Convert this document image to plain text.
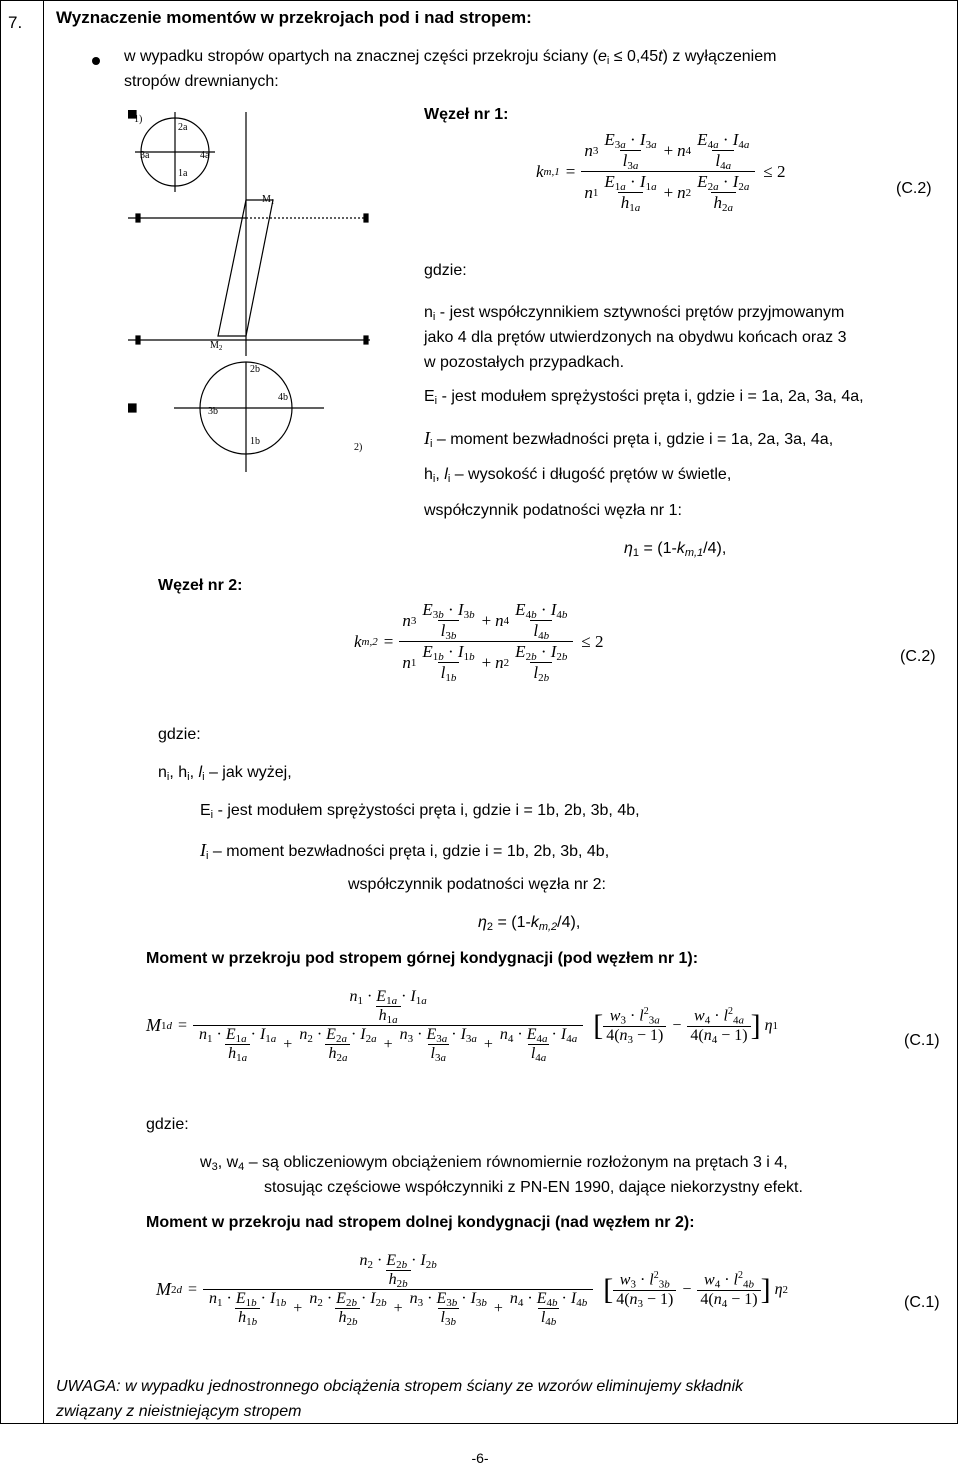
7. Wyznaczenie momentów w przekrojach pod i nad stropem:
w wypadku stropów opartych na znacznej części przekroju ściany $(e_i \le 0,45t)$ z wyłączeniem
stropów drewnianych:
1)
2a
3a	4a
1a
$M_1$
$M_2$
2b
3b
4b
1b
2)
Węzeł nr 1:
k $m,1 = \frac{n 3 \frac{E_{3a} \cdot I_{3a}}{l_{3a}} + n 4 \frac{E_{4a} \cdot I_{4a}}{l_{4a}}}{n 1 \frac{E_{1a} \cdot I_{1a}}{h_{1a}} + n 2 \frac{E_{2a} \cdot I_{2a}}{h_{2a}}} \le 2$
(C.2)
gdzie:
$n_i$ - jest współczynnikiem sztywności prętów przyjmowanym
jako 4 dla prętów utwierdzonych na obydwu końcach oraz 3
w pozostałych przypadkach.
$E_i$ - jest modułem sprężystości pręta i, gdzie i = 1a, 2a, 3a, 4a,
$I_i$ – moment bezwładności pręta i, gdzie i = 1a, 2a, 3a, 4a,
$h_i$, $l_i$ – wysokość i długość prętów w świetle,
współczynnik podatności węzła nr 1:
$\eta_1 = (1-k_{m,1}/4)$,
Węzeł nr 2:
k $m,2 = \frac{n 3 \frac{E_{3b} \cdot I_{3b}}{l_{3b}} + n 4 \frac{E_{4b} \cdot I_{4b}}{l_{4b}}}{n 1 \frac{E_{1b} \cdot I_{1b}}{l_{1b}} + n 2 \frac{E_{2b} \cdot I_{2b}}{l_{2b}}} \le 2$
(C.2)
gdzie:
$n_i$, $h_i$, $l_i$ – jak wyżej,
$E_i$ - jest modułem sprężystości pręta i, gdzie i = 1b, 2b, 3b, 4b,
$I_i$ – moment bezwładności pręta i, gdzie i = 1b, 2b, 3b, 4b,
współczynnik podatności węzła nr 2:
$\eta_2 = (1-k_{m,2}/4)$,
Moment w przekroju pod stropem górnej kondygnacji (pod węzłem nr 1):
M 1d =	$\frac{n_1 \cdot E_{1a} \cdot I_{1a}}{h_{1a}}$
$\frac{n_1 \cdot E_{1a} \cdot I_{1a}}{h_{1a}} + \frac{n_2 \cdot E_{2a} \cdot I_{2a}}{h_{2a}} + \frac{n_3 \cdot E_{3a} \cdot I_{3a}}{l_{3a}} + \frac{n_4 \cdot E_{4a} \cdot I_{4a}}{l_{4a}}$
[ $\frac{w_3 \cdot l^2_{3a}}{4(n_3 - 1)} - \frac{w_4 \cdot l^2_{4a}}{4(n_4 - 1)}$ ] η 1
(C.1)
gdzie:
$w_3$, $w_4$ – są obliczeniowym obciążeniem równomiernie rozłożonym na prętach 3 i 4,
stosując częściowe współczynniki z PN-EN 1990, dające niekorzystny efekt.
Moment w przekroju nad stropem dolnej kondygnacji (nad węzłem nr 2):
M 2d =	$\frac{n_2 \cdot E_{2b} \cdot I_{2b}}{h_{2b}}$
$\frac{n_1 \cdot E_{1b} \cdot I_{1b}}{h_{1b}} + \frac{n_2 \cdot E_{2b} \cdot I_{2b}}{h_{2b}} + \frac{n_3 \cdot E_{3b} \cdot I_{3b}}{l_{3b}} + \frac{n_4 \cdot E_{4b} \cdot I_{4b}}{l_{4b}}$
[ $\frac{w_3 \cdot l^2_{3b}}{4(n_3 - 1)} - \frac{w_4 \cdot l^2_{4b}}{4(n_4 - 1)}$ ] η 2
(C.1)
UWAGA: w wypadku jednostronnego obciążenia stropem ściany ze wzorów eliminujemy składnik
związany z nieistniejącym stropem
-6-
